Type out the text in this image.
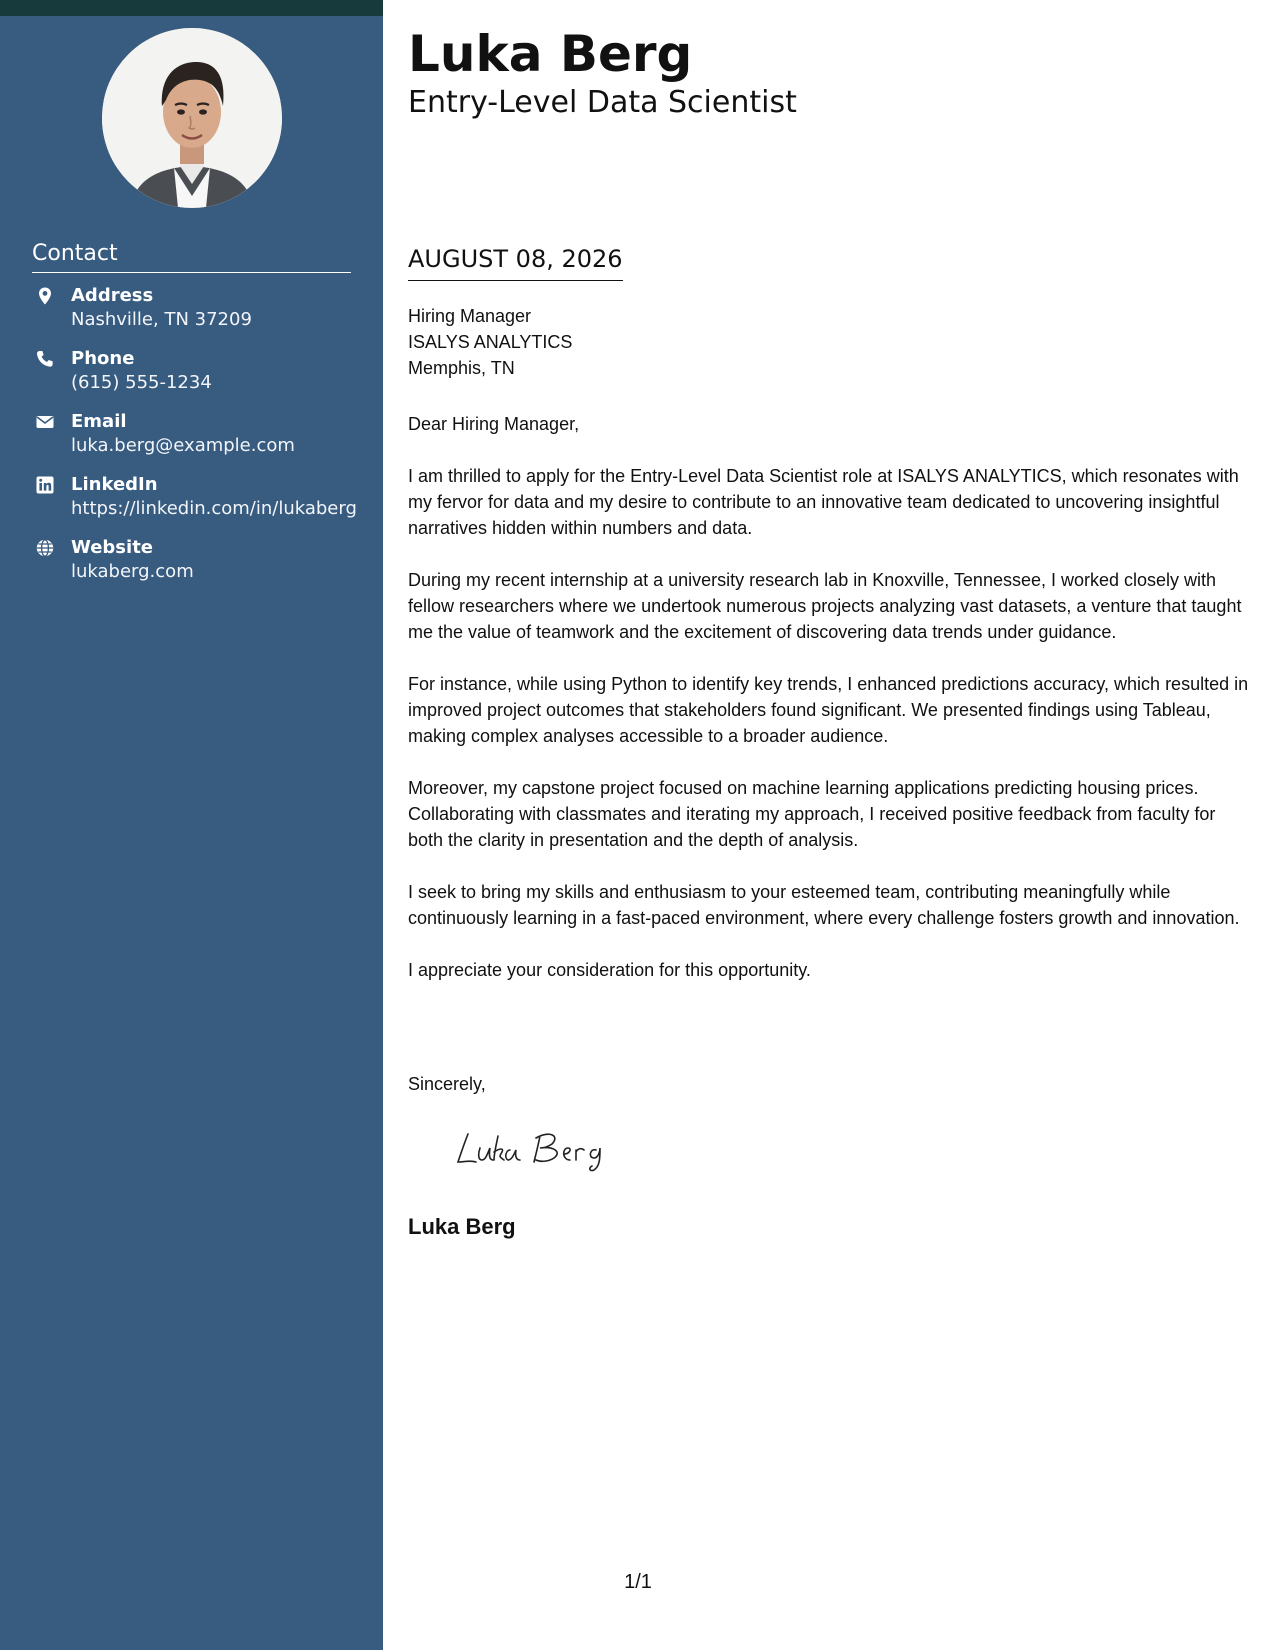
Contact
Address
Nashville, TN 37209
Phone
(615) 555-1234
Email
luka.berg@example.com
LinkedIn
https://linkedin.com/in/lukaberg
Website
lukaberg.com
Luka Berg
Entry-Level Data Scientist
AUGUST 08, 2026
Hiring Manager
ISALYS ANALYTICS
Memphis, TN
Dear Hiring Manager,

I am thrilled to apply for the Entry-Level Data Scientist role at ISALYS ANALYTICS, which resonates with my fervor for data and my desire to contribute to an innovative team dedicated to uncovering insightful narratives hidden within numbers and data.

During my recent internship at a university research lab in Knoxville, Tennessee, I worked closely with fellow researchers where we undertook numerous projects analyzing vast datasets, a venture that taught me the value of teamwork and the excitement of discovering data trends under guidance.

For instance, while using Python to identify key trends, I enhanced predictions accuracy, which resulted in improved project outcomes that stakeholders found significant. We presented findings using Tableau, making complex analyses accessible to a broader audience.

Moreover, my capstone project focused on machine learning applications predicting housing prices. Collaborating with classmates and iterating my approach, I received positive feedback from faculty for both the clarity in presentation and the depth of analysis.

I seek to bring my skills and enthusiasm to your esteemed team, contributing meaningfully while continuously learning in a fast-paced environment, where every challenge fosters growth and innovation.

I appreciate your consideration for this opportunity.

Sincerely,
Luka Berg
1/1
